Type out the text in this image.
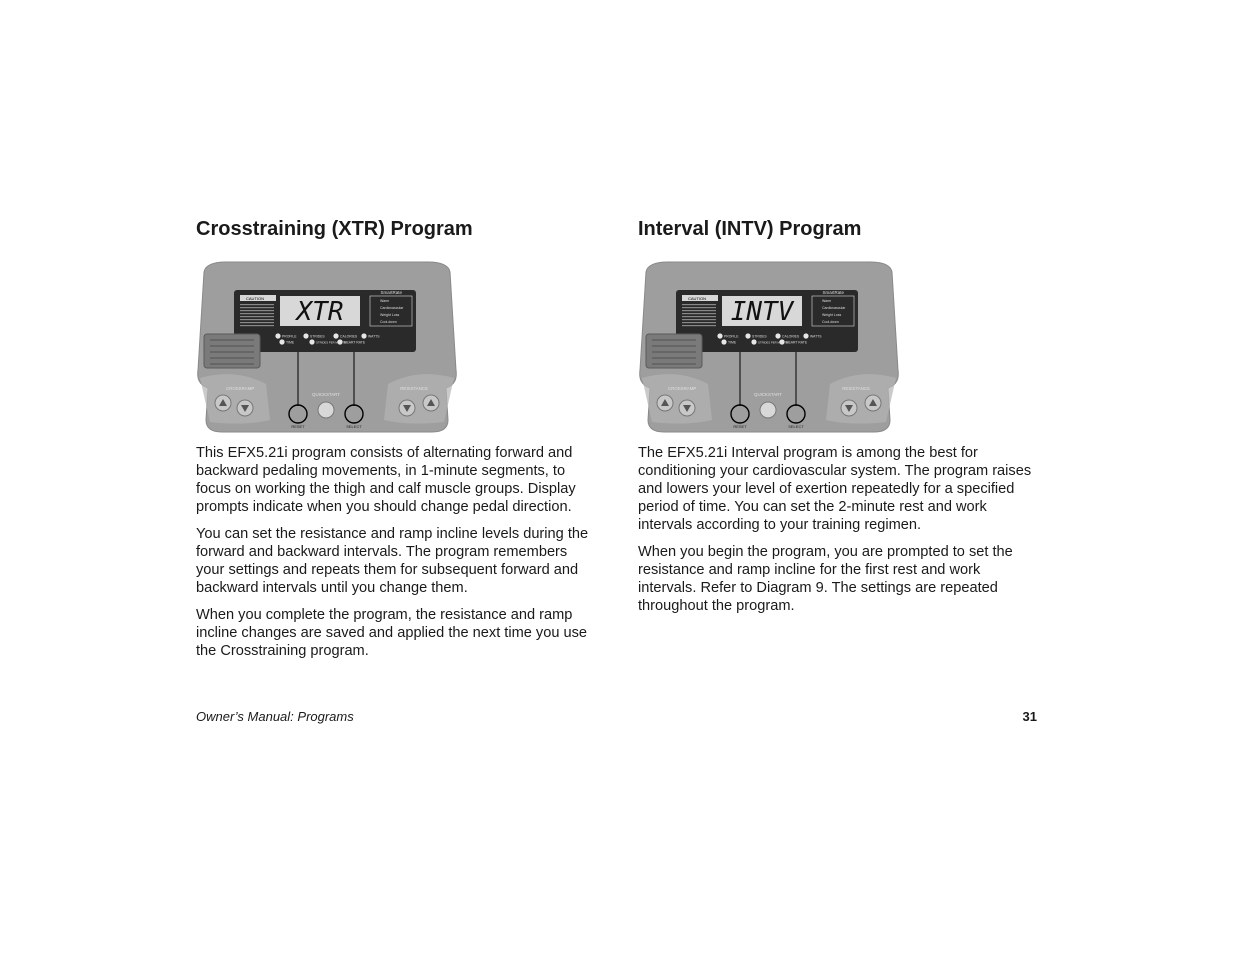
Crosstraining (XTR) Program
CAUTION XTR
SmartRate
Warm
Cardiovascular
Weight Loss
Cool-down
PROFILE
TIME
STRIDES	CALORIES	WATTS
STRIDES PER MINUTE
HEART RATE
CROSSRAMP	RESISTANCE
QUICKSTART
RESET	SELECT

This EFX5.21i program consists of alternating forward and backward pedaling movements, in 1-minute segments, to focus on working the thigh and calf muscle groups. Display prompts indicate when you should change pedal direction.

You can set the resistance and ramp incline levels during the forward and backward intervals. The program remembers your settings and repeats them for subsequent forward and backward intervals until you change them.

When you complete the program, the resistance and ramp incline changes are saved and applied the next time you use the Crosstraining program.

Interval (INTV) Program
CAUTION INTV
SmartRate
Warm
Cardiovascular
Weight Loss
Cool-down
PROFILE
TIME
STRIDES	CALORIES	WATTS
STRIDES PER MINUTE
HEART RATE
CROSSRAMP	RESISTANCE
QUICKSTART
RESET	SELECT

The EFX5.21i Interval program is among the best for conditioning your cardiovascular system. The program raises and lowers your level of exertion repeatedly for a specified period of time. You can set the 2-minute rest and work intervals according to your training regimen.

When you begin the program, you are prompted to set the resistance and ramp incline for the first rest and work intervals. Refer to Diagram 9. The settings are repeated throughout the program.

Owner’s Manual: Programs	31
